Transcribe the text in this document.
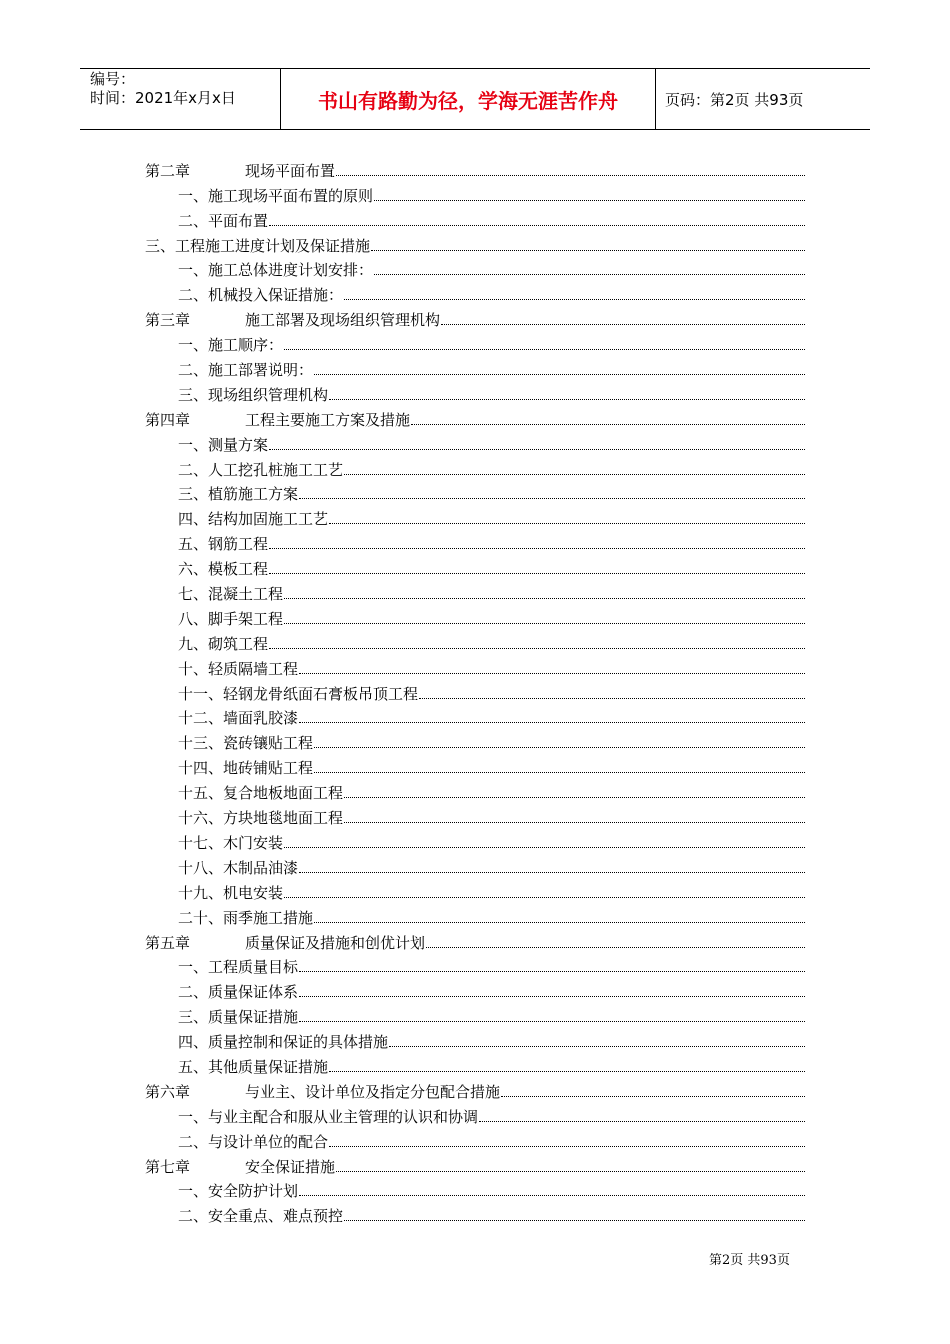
编号：
时间：2021年x月x日	书山有路勤为径，学海无涯苦作舟	页码：第2页 共93页
第二章	现场平面布置
一、施工现场平面布置的原则
二、平面布置
三、工程施工进度计划及保证措施
一、施工总体进度计划安排：
二、机械投入保证措施：
第三章	施工部署及现场组织管理机构
一、施工顺序：
二、施工部署说明：
三、现场组织管理机构
第四章	工程主要施工方案及措施
一、测量方案
二、人工挖孔桩施工工艺
三、植筋施工方案
四、结构加固施工工艺
五、钢筋工程
六、模板工程
七、混凝土工程
八、脚手架工程
九、砌筑工程
十、轻质隔墙工程
十一、轻钢龙骨纸面石膏板吊顶工程
十二、墙面乳胶漆
十三、瓷砖镶贴工程
十四、地砖铺贴工程
十五、复合地板地面工程
十六、方块地毯地面工程
十七、木门安装
十八、木制品油漆
十九、机电安装
二十、雨季施工措施
第五章	质量保证及措施和创优计划
一、工程质量目标
二、质量保证体系
三、质量保证措施
四、质量控制和保证的具体措施
五、其他质量保证措施
第六章	与业主、设计单位及指定分包配合措施
一、与业主配合和服从业主管理的认识和协调
二、与设计单位的配合
第七章	安全保证措施
一、安全防护计划
二、安全重点、难点预控
第2页 共93页
